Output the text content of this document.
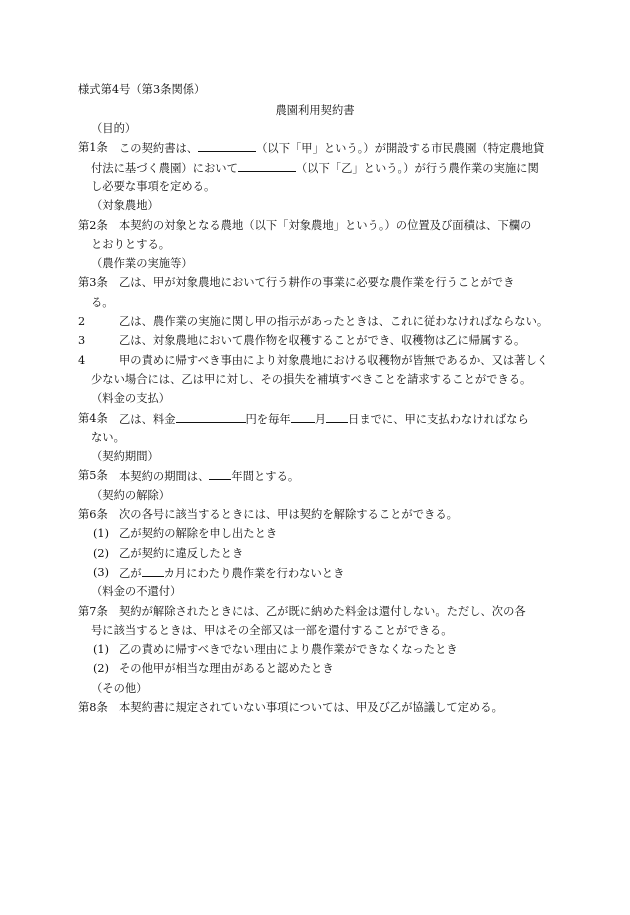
様式第4号（第3条関係）
農園利用契約書
（目的）
第1条 この契約書は、	（以下「甲」という。）が開設する市民農園（特定農地貸
付法に基づく農園）において	（以下「乙」という。）が行う農作業の実施に関
し必要な事項を定める。
（対象農地）
第2条 本契約の対象となる農地（以下「対象農地」という。）の位置及び面積は、下欄の
とおりとする。
（農作業の実施等）
第3条 乙は、甲が対象農地において行う耕作の事業に必要な農作業を行うことができ
る。
2	乙は、農作業の実施に関し甲の指示があったときは、これに従わなければならない。
3	乙は、対象農地において農作物を収穫することができ、収穫物は乙に帰属する。
4	甲の責めに帰すべき事由により対象農地における収穫物が皆無であるか、又は著しく
少ない場合には、乙は甲に対し、その損失を補填すべきことを請求することができる。
（料金の支払）
第4条 乙は、料金	円を毎年 月 日までに、甲に支払わなければなら
ない。
（契約期間）
第5条 本契約の期間は、 年間とする。
（契約の解除）
第6条 次の各号に該当するときには、甲は契約を解除することができる。
(1) 乙が契約の解除を申し出たとき
(2) 乙が契約に違反したとき
(3) 乙が カ月にわたり農作業を行わないとき
（料金の不還付）
第7条 契約が解除されたときには、乙が既に納めた料金は還付しない。ただし、次の各
号に該当するときは、甲はその全部又は一部を還付することができる。
(1) 乙の責めに帰すべきでない理由により農作業ができなくなったとき
(2) その他甲が相当な理由があると認めたとき
（その他）
第8条 本契約書に規定されていない事項については、甲及び乙が協議して定める。
